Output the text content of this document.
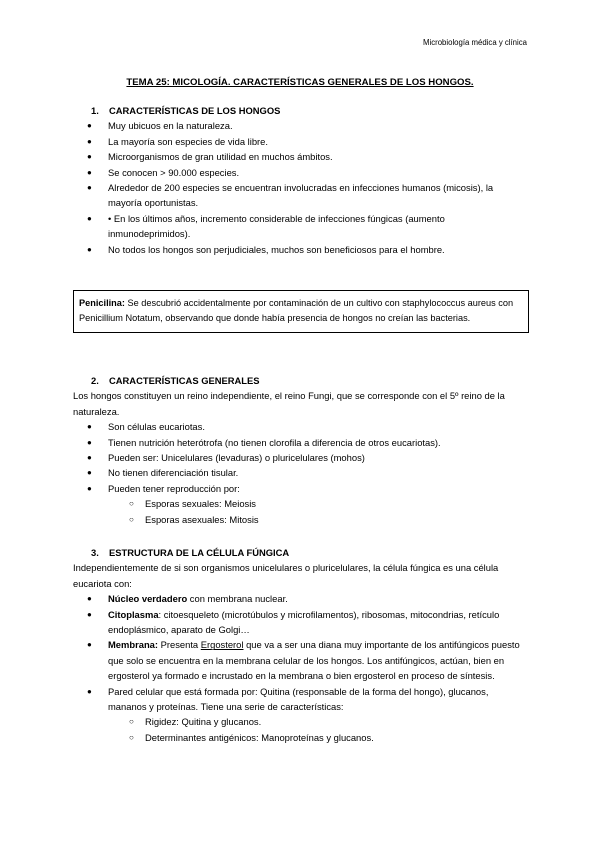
Microbiología médica y clínica
TEMA 25: MICOLOGÍA. CARACTERÍSTICAS GENERALES DE LOS HONGOS.
1. CARACTERÍSTICAS DE LOS HONGOS
● Muy ubicuos en la naturaleza.
● La mayoría son especies de vida libre.
● Microorganismos de gran utilidad en muchos ámbitos.
● Se conocen > 90.000 especies.
● Alrededor de 200 especies se encuentran involucradas en infecciones humanos (micosis), la mayoría oportunistas.
● • En los últimos años, incremento considerable de infecciones fúngicas (aumento inmunodeprimidos).
● No todos los hongos son perjudiciales, muchos son beneficiosos para el hombre.
Penicilina: Se descubrió accidentalmente por contaminación de un cultivo con staphylococcus aureus con Penicillium Notatum, observando que donde había presencia de hongos no creían las bacterias.
2. CARACTERÍSTICAS GENERALES

Los hongos constituyen un reino independiente, el reino Fungi, que se corresponde con el 5º reino de la naturaleza.

● Son células eucariotas.
● Tienen nutrición heterótrofa (no tienen clorofila a diferencia de otros eucariotas).
● Pueden ser: Unicelulares (levaduras) o pluricelulares (mohos)
● No tienen diferenciación tisular.
● Pueden tener reproducción por:
○ Esporas sexuales: Meiosis
○ Esporas asexuales: Mitosis
3. ESTRUCTURA DE LA CÉLULA FÚNGICA

Independientemente de si son organismos unicelulares o pluricelulares, la célula fúngica es una célula eucariota con:

● Núcleo verdadero con membrana nuclear.
● Citoplasma: citoesqueleto (microtúbulos y microfilamentos), ribosomas, mitocondrias, retículo endoplásmico, aparato de Golgi…
● Membrana: Presenta Ergosterol que va a ser una diana muy importante de los antifúngicos puesto que solo se encuentra en la membrana celular de los hongos. Los antifúngicos, actúan, bien en ergosterol ya formado e incrustado en la membrana o bien ergosterol en proceso de síntesis.
● Pared celular que está formada por: Quitina (responsable de la forma del hongo), glucanos, mananos y proteínas. Tiene una serie de características:
○ Rigidez: Quitina y glucanos.
○ Determinantes antigénicos: Manoproteínas y glucanos.
